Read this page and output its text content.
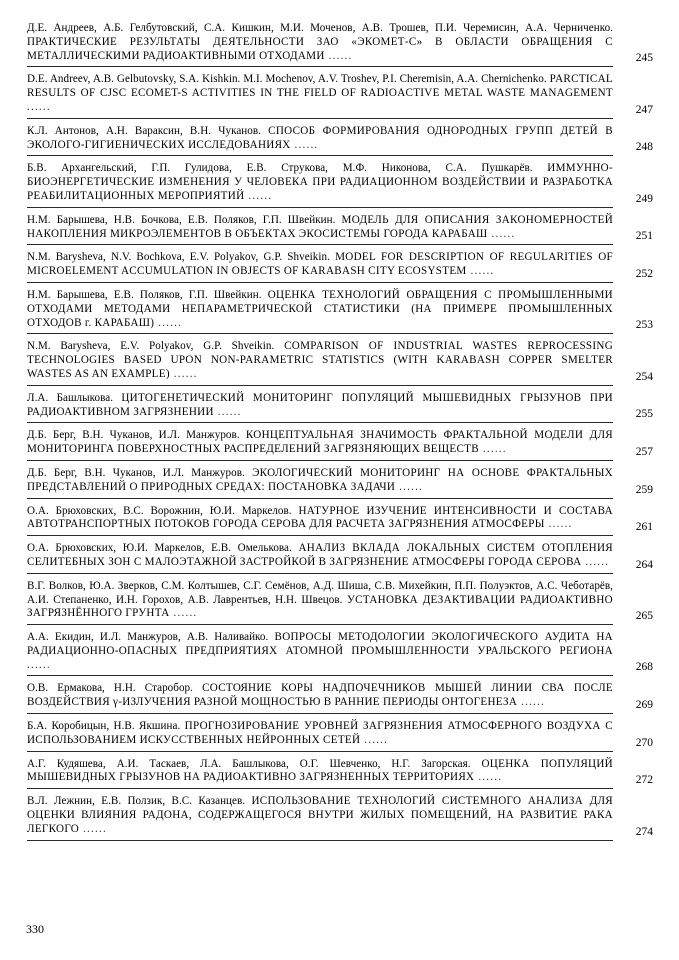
Д.Е. Андреев, А.Б. Гелбутовский, С.А. Кишкин, М.И. Моченов, А.В. Трошев, П.И. Черемисин, А.А. Черниченко. ПРАКТИЧЕСКИЕ РЕЗУЛЬТАТЫ ДЕЯТЕЛЬНОСТИ ЗАО «ЭКОМЕТ-С» В ОБЛАСТИ ОБРАЩЕНИЯ С МЕТАЛЛИЧЕСКИМИ РАДИОАКТИВНЫМИ ОТХОДАМИ ......	245
D.E. Andreev, A.B. Gelbutovsky, S.A. Kishkin. M.I. Mochenov, A.V. Troshev, P.I. Cheremisin, A.A. Chernichenko. PARCTICAL RESULTS OF CJSC ECOMET-S ACTIVITIES IN THE FIELD OF RADIOACTIVE METAL WASTE MANAGEMENT ......	247
К.Л. Антонов, А.Н. Вараксин, В.Н. Чуканов. СПОСОБ ФОРМИРОВАНИЯ ОДНОРОДНЫХ ГРУПП ДЕТЕЙ В ЭКОЛОГО-ГИГИЕНИЧЕСКИХ ИССЛЕДОВАНИЯХ ......	248
Б.В. Архангельский, Г.П. Гулидова, Е.В. Струкова, М.Ф. Никонова, С.А. Пушкарёв. ИММУННО-БИОЭНЕРГЕТИЧЕСКИЕ ИЗМЕНЕНИЯ У ЧЕЛОВЕКА ПРИ РАДИАЦИОННОМ ВОЗДЕЙСТВИИ И РАЗРАБОТКА РЕАБИЛИТАЦИОННЫХ МЕРОПРИЯТИЙ ......	249
Н.М. Барышева, Н.В. Бочкова, Е.В. Поляков, Г.П. Швейкин. МОДЕЛЬ ДЛЯ ОПИСАНИЯ ЗАКОНОМЕРНОСТЕЙ НАКОПЛЕНИЯ МИКРОЭЛЕМЕНТОВ В ОБЪЕКТАХ ЭКОСИСТЕМЫ ГОРОДА КАРАБАШ ......	251
N.M. Barysheva, N.V. Bochkova, E.V. Polyakov, G.P. Shveikin. MODEL FOR DESCRIPTION OF REGULARITIES OF MICROELEMENT ACCUMULATION IN OBJECTS OF KARABASH CITY ECOSYSTEM ......	252
Н.М. Барышева, Е.В. Поляков, Г.П. Швейкин. ОЦЕНКА ТЕХНОЛОГИЙ ОБРАЩЕНИЯ С ПРОМЫШЛЕННЫМИ ОТХОДАМИ МЕТОДАМИ НЕПАРАМЕТРИЧЕСКОЙ СТАТИСТИКИ (НА ПРИМЕРЕ ПРОМЫШЛЕННЫХ ОТХОДОВ г. КАРАБАШ) ......	253
N.M. Barysheva, E.V. Polyakov, G.P. Shveikin. COMPARISON OF INDUSTRIAL WASTES REPROCESSING TECHNOLOGIES BASED UPON NON-PARAMETRIC STATISTICS (WITH KARABASH COPPER SMELTER WASTES AS AN EXAMPLE) ......	254
Л.А. Башлыкова. ЦИТОГЕНЕТИЧЕСКИЙ МОНИТОРИНГ ПОПУЛЯЦИЙ МЫШЕВИДНЫХ ГРЫЗУНОВ ПРИ РАДИОАКТИВНОМ ЗАГРЯЗНЕНИИ ......	255
Д.Б. Берг, В.Н. Чуканов, И.Л. Манжуров. КОНЦЕПТУАЛЬНАЯ ЗНАЧИМОСТЬ ФРАКТАЛЬНОЙ МОДЕЛИ ДЛЯ МОНИТОРИНГА ПОВЕРХНОСТНЫХ РАСПРЕДЕЛЕНИЙ ЗАГРЯЗНЯЮЩИХ ВЕЩЕСТВ ......	257
Д.Б. Берг, В.Н. Чуканов, И.Л. Манжуров. ЭКОЛОГИЧЕСКИЙ МОНИТОРИНГ НА ОСНОВЕ ФРАКТАЛЬНЫХ ПРЕДСТАВЛЕНИЙ О ПРИРОДНЫХ СРЕДАХ: ПОСТАНОВКА ЗАДАЧИ ......	259
О.А. Брюховских, В.С. Ворожнин, Ю.И. Маркелов. НАТУРНОЕ ИЗУЧЕНИЕ ИНТЕНСИВНОСТИ И СОСТАВА АВТОТРАНСПОРТНЫХ ПОТОКОВ ГОРОДА СЕРОВА ДЛЯ РАСЧЕТА ЗАГРЯЗНЕНИЯ АТМОСФЕРЫ ......	261
О.А. Брюховских, Ю.И. Маркелов, Е.В. Омелькова. АНАЛИЗ ВКЛАДА ЛОКАЛЬНЫХ СИСТЕМ ОТОПЛЕНИЯ СЕЛИТЕБНЫХ ЗОН С МАЛОЭТАЖНОЙ ЗАСТРОЙКОЙ В ЗАГРЯЗНЕНИЕ АТМОСФЕРЫ ГОРОДА СЕРОВА ......	264
В.Г. Волков, Ю.А. Зверков, С.М. Колтышев, С.Г. Семёнов, А.Д. Шиша, С.В. Михейкин, П.П. Полуэктов, А.С. Чеботарёв, А.И. Степаненко, И.Н. Горохов, А.В. Лаврентьев, Н.Н. Швецов. УСТАНОВКА ДЕЗАКТИВАЦИИ РАДИОАКТИВНО ЗАГРЯЗНЁННОГО ГРУНТА ......	265
А.А. Екидин, И.Л. Манжуров, А.В. Наливайко. ВОПРОСЫ МЕТОДОЛОГИИ ЭКОЛОГИЧЕСКОГО АУДИТА НА РАДИАЦИОННО-ОПАСНЫХ ПРЕДПРИЯТИЯХ АТОМНОЙ ПРОМЫШЛЕННОСТИ УРАЛЬСКОГО РЕГИОНА ......	268
О.В. Ермакова, Н.Н. Старобор. СОСТОЯНИЕ КОРЫ НАДПОЧЕЧНИКОВ МЫШЕЙ ЛИНИИ СВА ПОСЛЕ ВОЗДЕЙСТВИЯ γ-ИЗЛУЧЕНИЯ РАЗНОЙ МОЩНОСТЬЮ В РАННИЕ ПЕРИОДЫ ОНТОГЕНЕЗА ......	269
Б.А. Коробицын, Н.В. Якшина. ПРОГНОЗИРОВАНИЕ УРОВНЕЙ ЗАГРЯЗНЕНИЯ АТМОСФЕРНОГО ВОЗДУХА С ИСПОЛЬЗОВАНИЕМ ИСКУССТВЕННЫХ НЕЙРОННЫХ СЕТЕЙ ......	270
А.Г. Кудяшева, А.И. Таскаев, Л.А. Башлыкова, О.Г. Шевченко, Н.Г. Загорская. ОЦЕНКА ПОПУЛЯЦИЙ МЫШЕВИДНЫХ ГРЫЗУНОВ НА РАДИОАКТИВНО ЗАГРЯЗНЕННЫХ ТЕРРИТОРИЯХ ......	272
В.Л. Лежнин, Е.В. Ползик, В.С. Казанцев. ИСПОЛЬЗОВАНИЕ ТЕХНОЛОГИЙ СИСТЕМНОГО АНАЛИЗА ДЛЯ ОЦЕНКИ ВЛИЯНИЯ РАДОНА, СОДЕРЖАЩЕГОСЯ ВНУТРИ ЖИЛЫХ ПОМЕЩЕНИЙ, НА РАЗВИТИЕ РАКА ЛЕГКОГО ......	274
330
